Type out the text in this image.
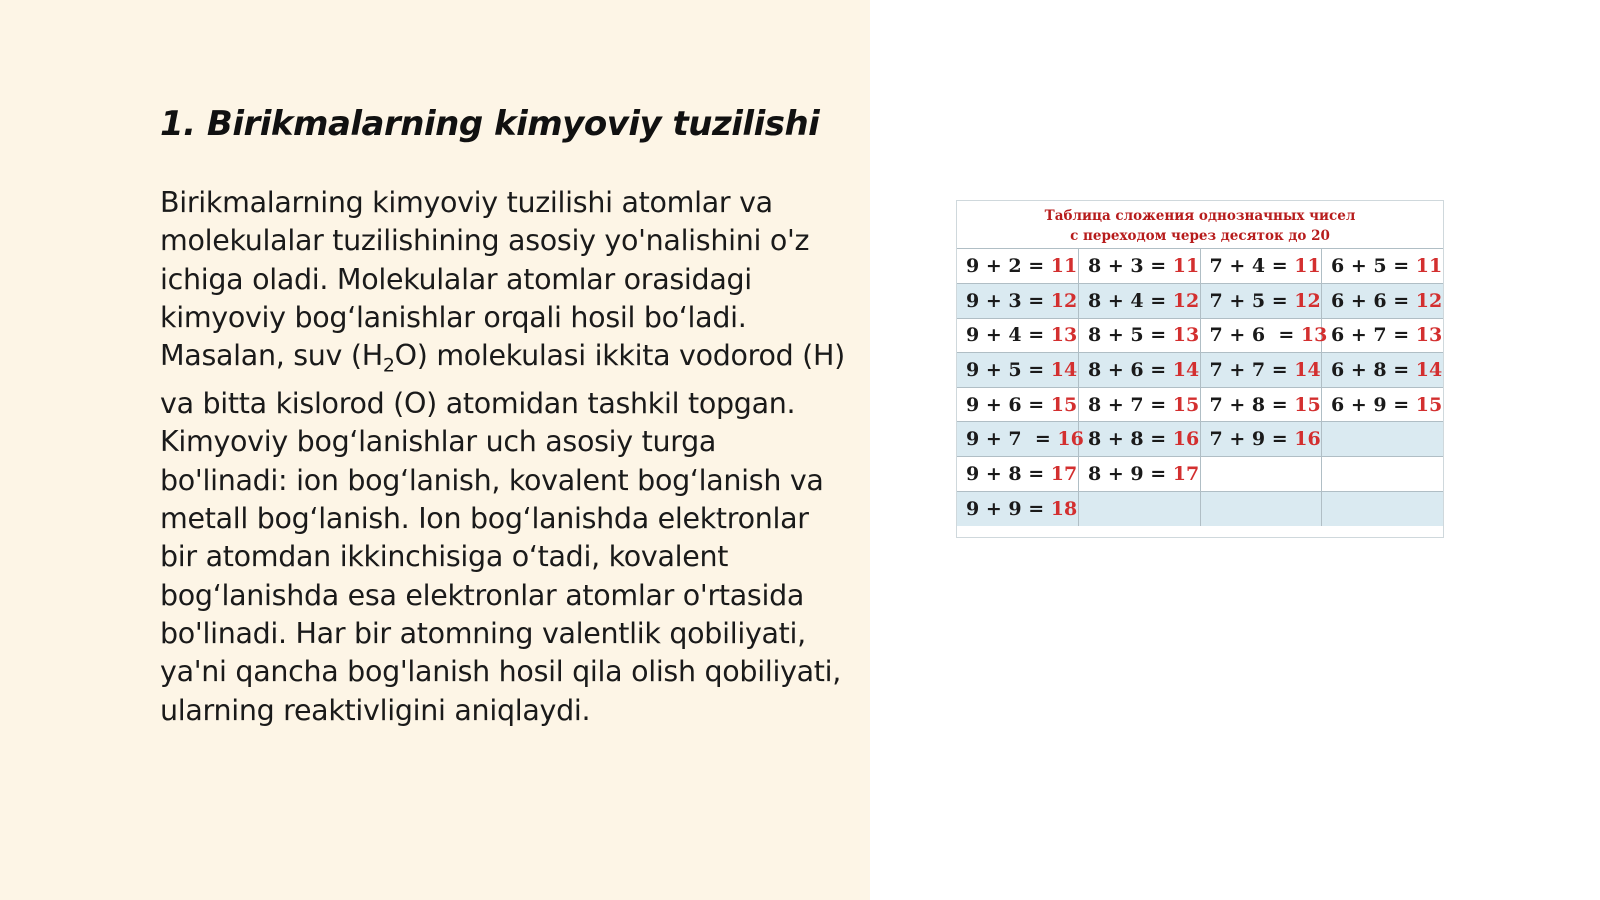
1. Birikmalarning kimyoviy tuzilishi

Birikmalarning kimyoviy tuzilishi atomlar va molekulalar tuzilishining asosiy yo'nalishini o'z ichiga oladi. Molekulalar atomlar orasidagi kimyoviy bog‘lanishlar orqali hosil bo‘ladi. Masalan, suv $(H_2O)$ molekulasi ikkita vodorod (H) va bitta kislorod (O) atomidan tashkil topgan. Kimyoviy bog‘lanishlar uch asosiy turga bo'linadi: ion bog‘lanish, kovalent bog‘lanish va metall bog‘lanish. Ion bog‘lanishda elektronlar bir atomdan ikkinchisiga o‘tadi, kovalent bog‘lanishda esa elektronlar atomlar o'rtasida bo'linadi. Har bir atomning valentlik qobiliyati, ya'ni qancha bog'lanish hosil qila olish qobiliyati, ularning reaktivligini aniqlaydi.

Таблица сложения однозначных чисел
с переходом через десяток до 20
9 + 2 = 11	8 + 3 = 11	7 + 4 = 11	6 + 5 = 11
9 + 3 = 12	8 + 4 = 12	7 + 5 = 12	6 + 6 = 12
9 + 4 = 13	8 + 5 = 13	7 + 6  = 13	6 + 7 = 13
9 + 5 = 14	8 + 6 = 14	7 + 7 = 14	6 + 8 = 14
9 + 6 = 15	8 + 7 = 15	7 + 8 = 15	6 + 9 = 15
9 + 7  = 16	8 + 8 = 16	7 + 9 = 16	
9 + 8 = 17	8 + 9 = 17		
9 + 9 = 18			
